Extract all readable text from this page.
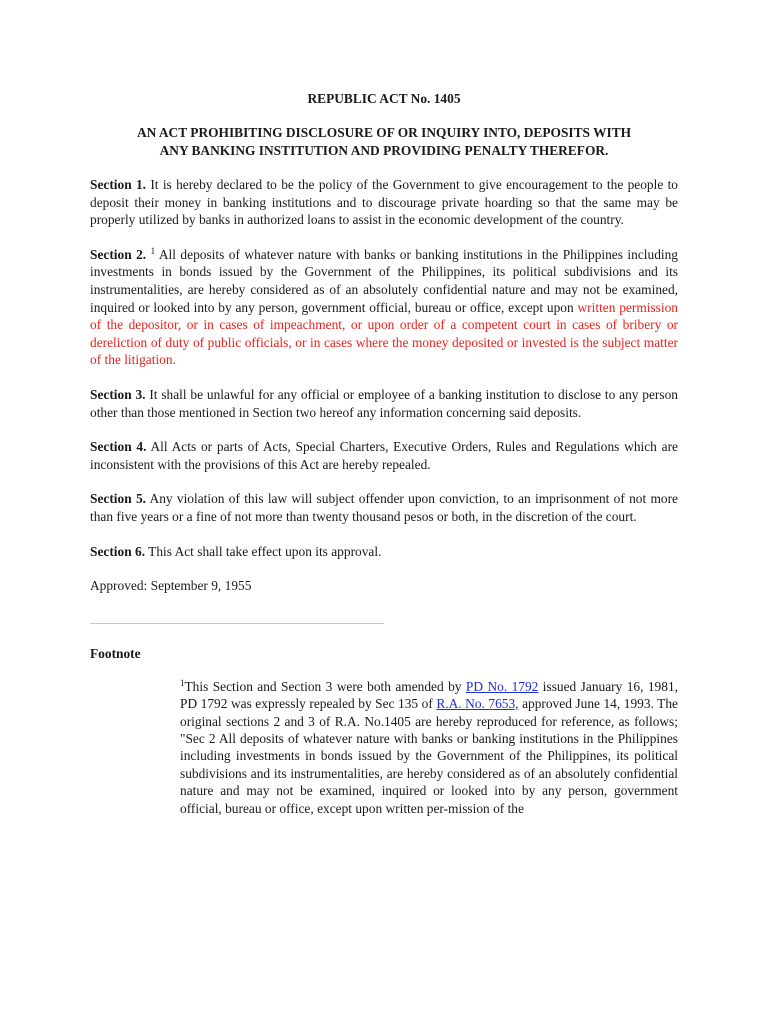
REPUBLIC ACT No. 1405
AN ACT PROHIBITING DISCLOSURE OF OR INQUIRY INTO, DEPOSITS WITH
ANY BANKING INSTITUTION AND PROVIDING PENALTY THEREFOR.

Section 1. It is hereby declared to be the policy of the Government to give encouragement to the people to deposit their money in banking institutions and to discourage private hoarding so that the same may be properly utilized by banks in authorized loans to assist in the economic development of the country.

Section 2. $^1$ All deposits of whatever nature with banks or banking institutions in the Philippines including investments in bonds issued by the Government of the Philippines, its political subdivisions and its instrumentalities, are hereby considered as of an absolutely confidential nature and may not be examined, inquired or looked into by any person, government official, bureau or office, except upon written permission of the depositor, or in cases of impeachment, or upon order of a competent court in cases of bribery or dereliction of duty of public officials, or in cases where the money deposited or invested is the subject matter of the litigation.

Section 3. It shall be unlawful for any official or employee of a banking institution to disclose to any person other than those mentioned in Section two hereof any information concerning said deposits.

Section 4. All Acts or parts of Acts, Special Charters, Executive Orders, Rules and Regulations which are inconsistent with the provisions of this Act are hereby repealed.

Section 5. Any violation of this law will subject offender upon conviction, to an imprisonment of not more than five years or a fine of not more than twenty thousand pesos or both, in the discretion of the court.

Section 6. This Act shall take effect upon its approval.

Approved: September 9, 1955

Footnote
$^1$This Section and Section 3 were both amended by PD No. 1792 issued January 16, 1981, PD 1792 was expressly repealed by Sec 135 of R.A. No. 7653, approved June 14, 1993. The original sections 2 and 3 of R.A. No.1405 are hereby reproduced for reference, as follows; "Sec 2 All deposits of whatever nature with banks or banking institutions in the Philippines including investments in bonds issued by the Government of the Philippines, its political subdivisions and its instrumentalities, are hereby considered as of an absolutely confidential nature and may not be examined, inquired or looked into by any person, government official, bureau or office, except upon written per-mission of the
